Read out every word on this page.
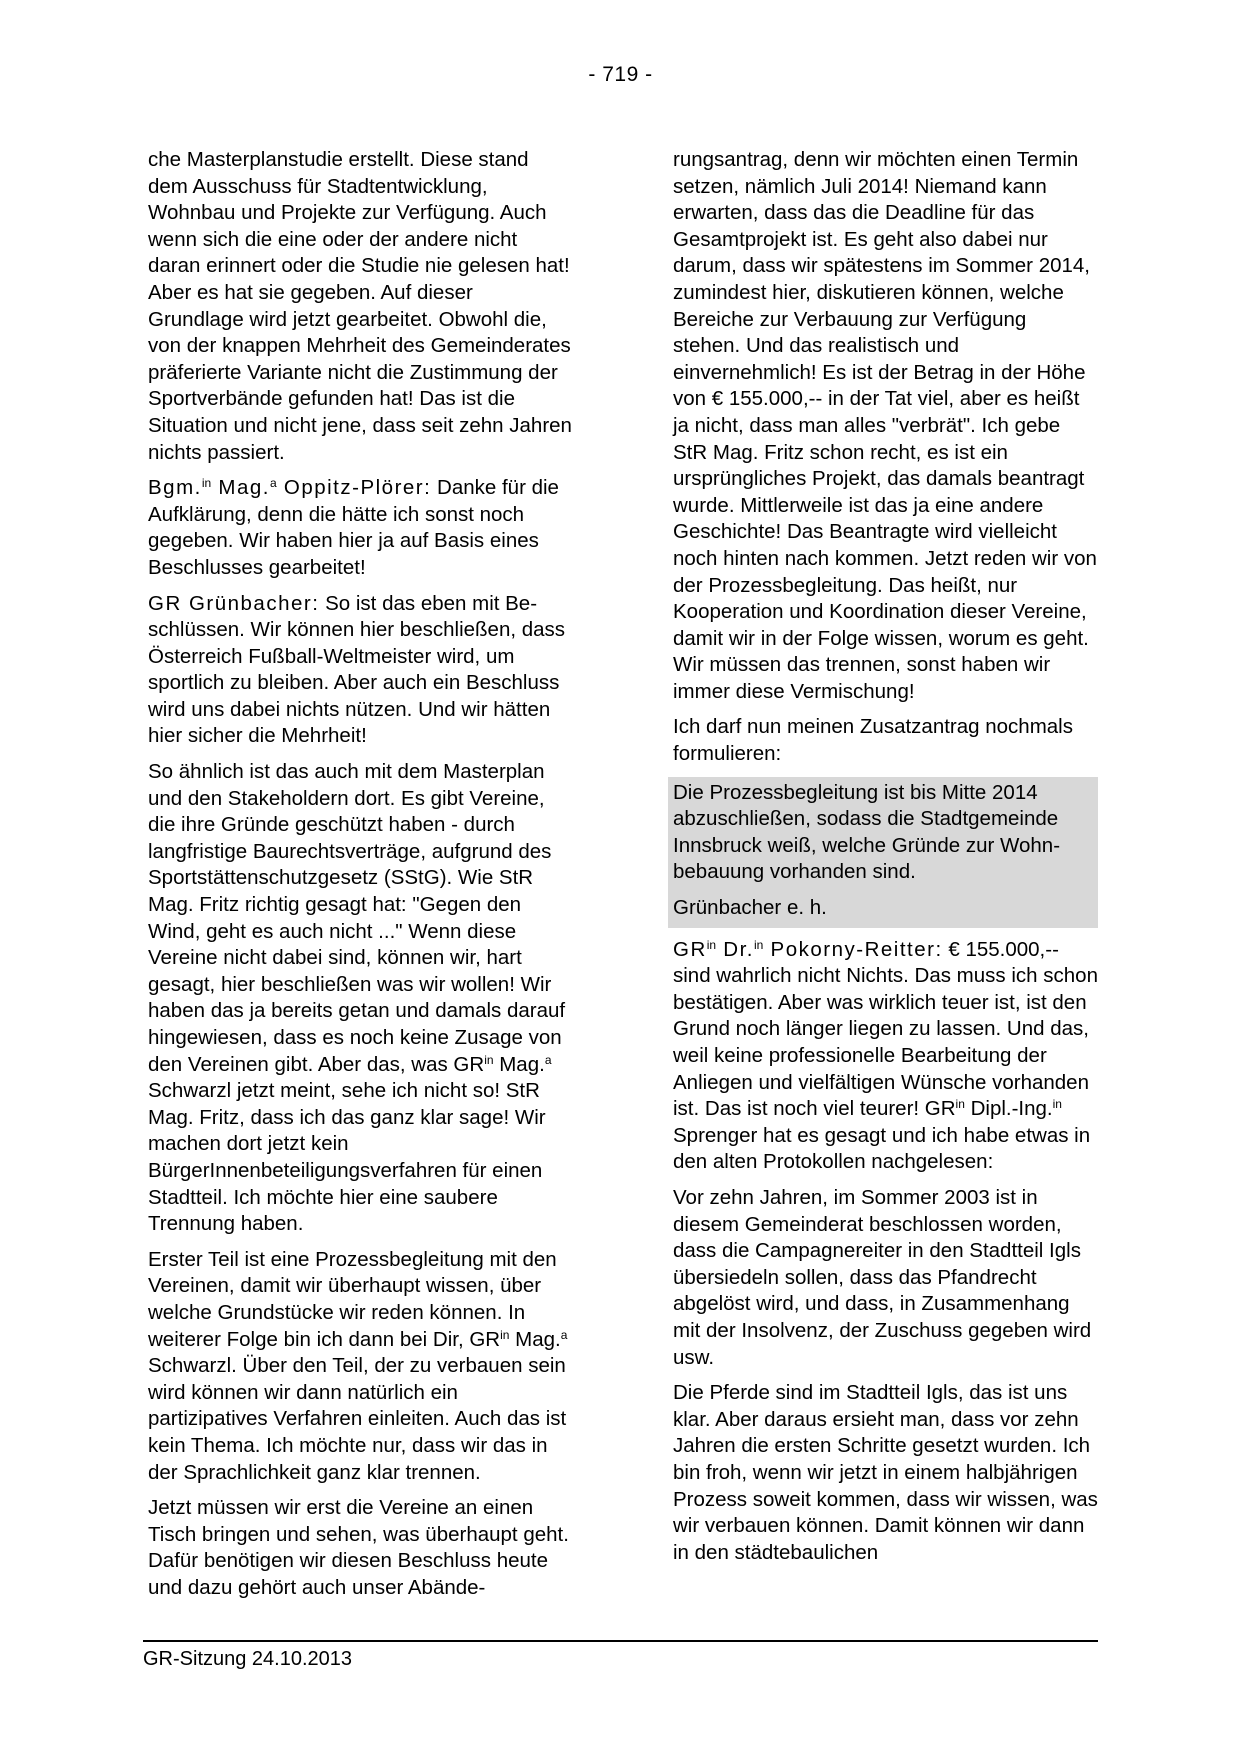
- 719 -

che Masterplanstudie erstellt. Diese stand dem Ausschuss für Stadtentwicklung, Wohnbau und Projekte zur Verfügung. Auch wenn sich die eine oder der andere nicht daran erinnert oder die Studie nie gelesen hat! Aber es hat sie gegeben. Auf dieser Grundlage wird jetzt gearbeitet. Obwohl die, von der knappen Mehrheit des Gemeinderates präferierte Variante nicht die Zustimmung der Sportverbände gefunden hat! Das ist die Situation und nicht jene, dass seit zehn Jahren nichts passiert.

Bgm.$^{in}$ Mag.$^a$ Oppitz-Plörer: Danke für die Aufklärung, denn die hätte ich sonst noch gegeben. Wir haben hier ja auf Basis eines Beschlusses gearbeitet!

GR Grünbacher: So ist das eben mit Beschlüssen. Wir können hier beschließen, dass Österreich Fußball-Weltmeister wird, um sportlich zu bleiben. Aber auch ein Beschluss wird uns dabei nichts nützen. Und wir hätten hier sicher die Mehrheit!

So ähnlich ist das auch mit dem Masterplan und den Stakeholdern dort. Es gibt Vereine, die ihre Gründe geschützt haben - durch langfristige Baurechtsverträge, aufgrund des Sportstättenschutzgesetz (SStG). Wie StR Mag. Fritz richtig gesagt hat: "Gegen den Wind, geht es auch nicht ..." Wenn diese Vereine nicht dabei sind, können wir, hart gesagt, hier beschließen was wir wollen! Wir haben das ja bereits getan und damals darauf hingewiesen, dass es noch keine Zusage von den Vereinen gibt. Aber das, was $GR^{in}$ Mag.$^a$ Schwarzl jetzt meint, sehe ich nicht so! StR Mag. Fritz, dass ich das ganz klar sage! Wir machen dort jetzt kein BürgerInnenbeteiligungsverfahren für einen Stadtteil. Ich möchte hier eine saubere Trennung haben.

Erster Teil ist eine Prozessbegleitung mit den Vereinen, damit wir überhaupt wissen, über welche Grundstücke wir reden können. In weiterer Folge bin ich dann bei Dir, $GR^{in}$ Mag.$^a$ Schwarzl. Über den Teil, der zu verbauen sein wird können wir dann natürlich ein partizipatives Verfahren einleiten. Auch das ist kein Thema. Ich möchte nur, dass wir das in der Sprachlichkeit ganz klar trennen.

Jetzt müssen wir erst die Vereine an einen Tisch bringen und sehen, was überhaupt geht. Dafür benötigen wir diesen Beschluss heute und dazu gehört auch unser Abände-

rungsantrag, denn wir möchten einen Termin setzen, nämlich Juli 2014! Niemand kann erwarten, dass das die Deadline für das Gesamtprojekt ist. Es geht also dabei nur darum, dass wir spätestens im Sommer 2014, zumindest hier, diskutieren können, welche Bereiche zur Verbauung zur Verfügung stehen. Und das realistisch und einvernehmlich! Es ist der Betrag in der Höhe von € 155.000,-- in der Tat viel, aber es heißt ja nicht, dass man alles "verbrät". Ich gebe StR Mag. Fritz schon recht, es ist ein ursprüngliches Projekt, das damals beantragt wurde. Mittlerweile ist das ja eine andere Geschichte! Das Beantragte wird vielleicht noch hinten nach kommen. Jetzt reden wir von der Prozessbegleitung. Das heißt, nur Kooperation und Koordination dieser Vereine, damit wir in der Folge wissen, worum es geht. Wir müssen das trennen, sonst haben wir immer diese Vermischung!

Ich darf nun meinen Zusatzantrag nochmals formulieren:

Die Prozessbegleitung ist bis Mitte 2014 abzuschließen, sodass die Stadtgemeinde Innsbruck weiß, welche Gründe zur Wohnbebauung vorhanden sind.

Grünbacher e. h.

$GR^{in}$ Dr.$^{in}$ Pokorny-Reitter: € 155.000,-- sind wahrlich nicht Nichts. Das muss ich schon bestätigen. Aber was wirklich teuer ist, ist den Grund noch länger liegen zu lassen. Und das, weil keine professionelle Bearbeitung der Anliegen und vielfältigen Wünsche vorhanden ist. Das ist noch viel teurer! $GR^{in}$ Dipl.-Ing.$^{in}$ Sprenger hat es gesagt und ich habe etwas in den alten Protokollen nachgelesen:

Vor zehn Jahren, im Sommer 2003 ist in diesem Gemeinderat beschlossen worden, dass die Campagnereiter in den Stadtteil Igls übersiedeln sollen, dass das Pfandrecht abgelöst wird, und dass, in Zusammenhang mit der Insolvenz, der Zuschuss gegeben wird usw.

Die Pferde sind im Stadtteil Igls, das ist uns klar. Aber daraus ersieht man, dass vor zehn Jahren die ersten Schritte gesetzt wurden. Ich bin froh, wenn wir jetzt in einem halbjährigen Prozess soweit kommen, dass wir wissen, was wir verbauen können. Damit können wir dann in den städtebaulichen

GR-Sitzung 24.10.2013
